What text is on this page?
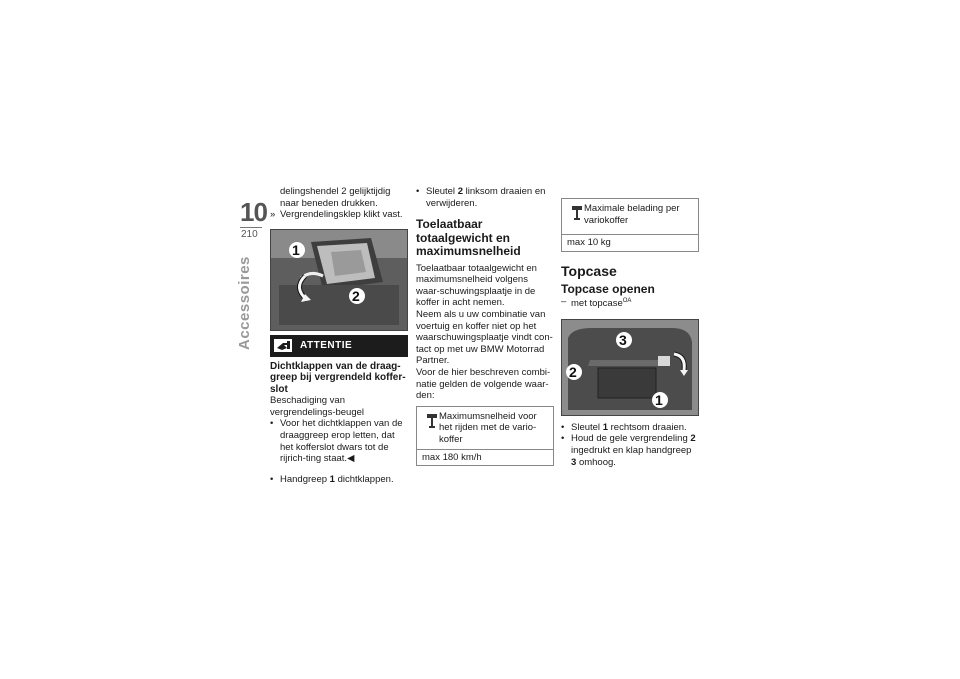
10
210
Accessoires

delingshendel 2 gelijktijdig naar beneden drukken.

» Vergrendelingsklep klikt vast.

1
2
ATTENTIE

Dichtklappen van de draag-greep bij vergrendeld koffer-slot

Beschadiging van vergrendelings-beugel

• Voor het dichtklappen van de draaggreep erop letten, dat het kofferslot dwars tot de rijrich-ting staat.◀

• Handgreep 1 dichtklappen.

• Sleutel 2 linksom draaien en verwijderen.

Toelaatbaar totaalgewicht en maximumsnelheid

Toelaatbaar totaalgewicht en maximumsnelheid volgens waar-schuwingsplaatje in de koffer in acht nemen.

Neem als u uw combinatie van voertuig en koffer niet op het waarschuwingsplaatje vindt con-tact op met uw BMW Motorrad Partner.

Voor de hier beschreven combi-natie gelden de volgende waar-den:

Maximumsnelheid voor het rijden met de vario-koffer

max 180 km/h

Maximale belading per variokoffer

max 10 kg

Topcase

Topcase openen

– met topcase$^{OA}$

3
2
1

• Sleutel 1 rechtsom draaien.

• Houd de gele vergrendeling 2 ingedrukt en klap handgreep 3 omhoog.
